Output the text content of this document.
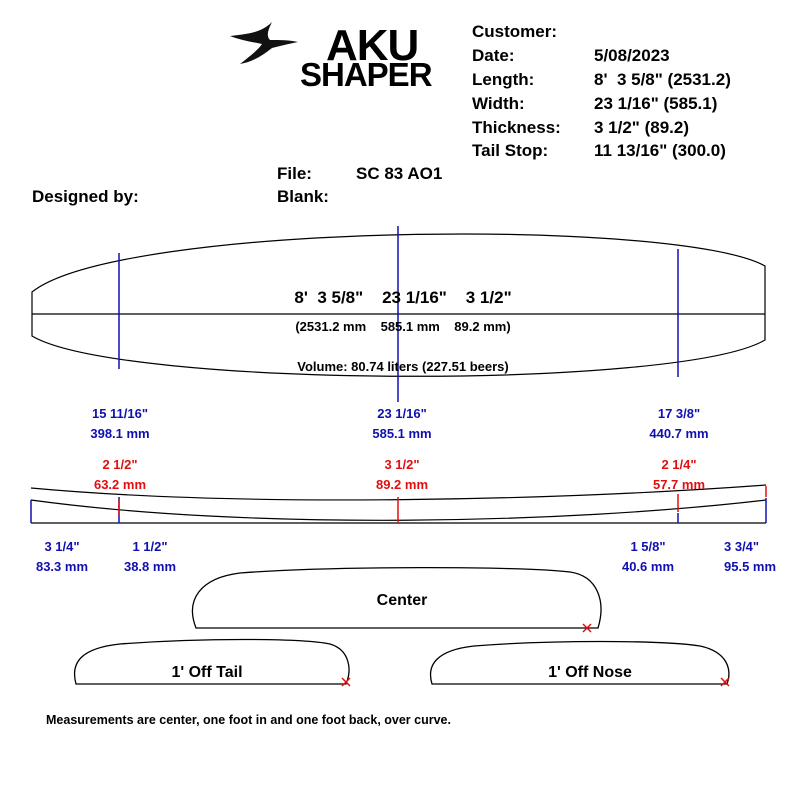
AKU
SHAPER
Customer:
Date:	5/08/2023
Length:	8'  3 5/8" (2531.2)
Width:	23 1/16" (585.1)
Thickness: 3 1/2" (89.2)
Tail Stop:	11 13/16" (300.0)
File:	SC 83 AO1
Blank:
Designed by:
8'  3 5/8"    23 1/16"    3 1/2"
(2531.2 mm    585.1 mm    89.2 mm)
Volume: 80.74 liters (227.51 beers)
15 11/16"
398.1 mm
23 1/16"
585.1 mm
17 3/8"
440.7 mm
2 1/2"
63.2 mm
3 1/2"
89.2 mm
2 1/4"
57.7 mm
3 1/4"
83.3 mm
1 1/2"
38.8 mm
1 5/8"
40.6 mm
3 3/4"
95.5 mm
Center
1' Off Tail	1' Off Nose
Measurements are center, one foot in and one foot back, over curve.
